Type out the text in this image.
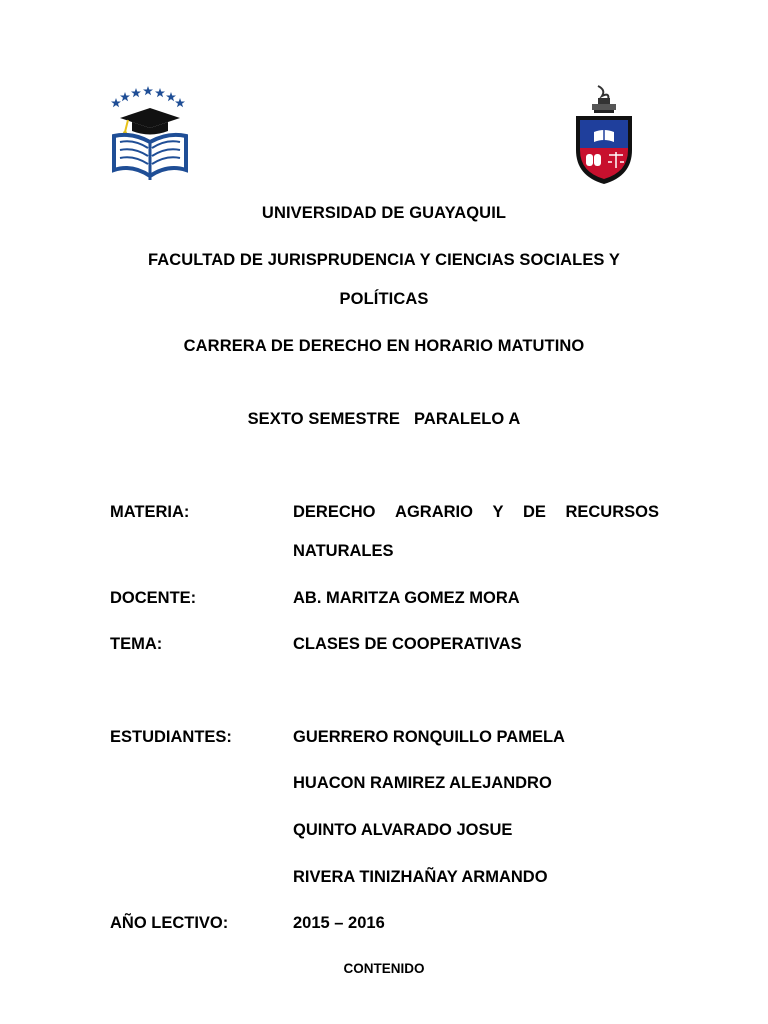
UNIVERSIDAD DE GUAYAQUIL
FACULTAD DE JURISPRUDENCIA Y CIENCIAS SOCIALES Y
POLÍTICAS
CARRERA DE DERECHO EN HORARIO MATUTINO
SEXTO SEMESTRE   PARALELO A
MATERIA:	DERECHO AGRARIO Y DE RECURSOS
NATURALES
DOCENTE:	AB. MARITZA GOMEZ MORA
TEMA:	CLASES DE COOPERATIVAS
ESTUDIANTES:	GUERRERO RONQUILLO PAMELA
HUACON RAMIREZ ALEJANDRO
QUINTO ALVARADO JOSUE
RIVERA TINIZHAÑAY ARMANDO
AÑO LECTIVO:	2015 – 2016
CONTENIDO
